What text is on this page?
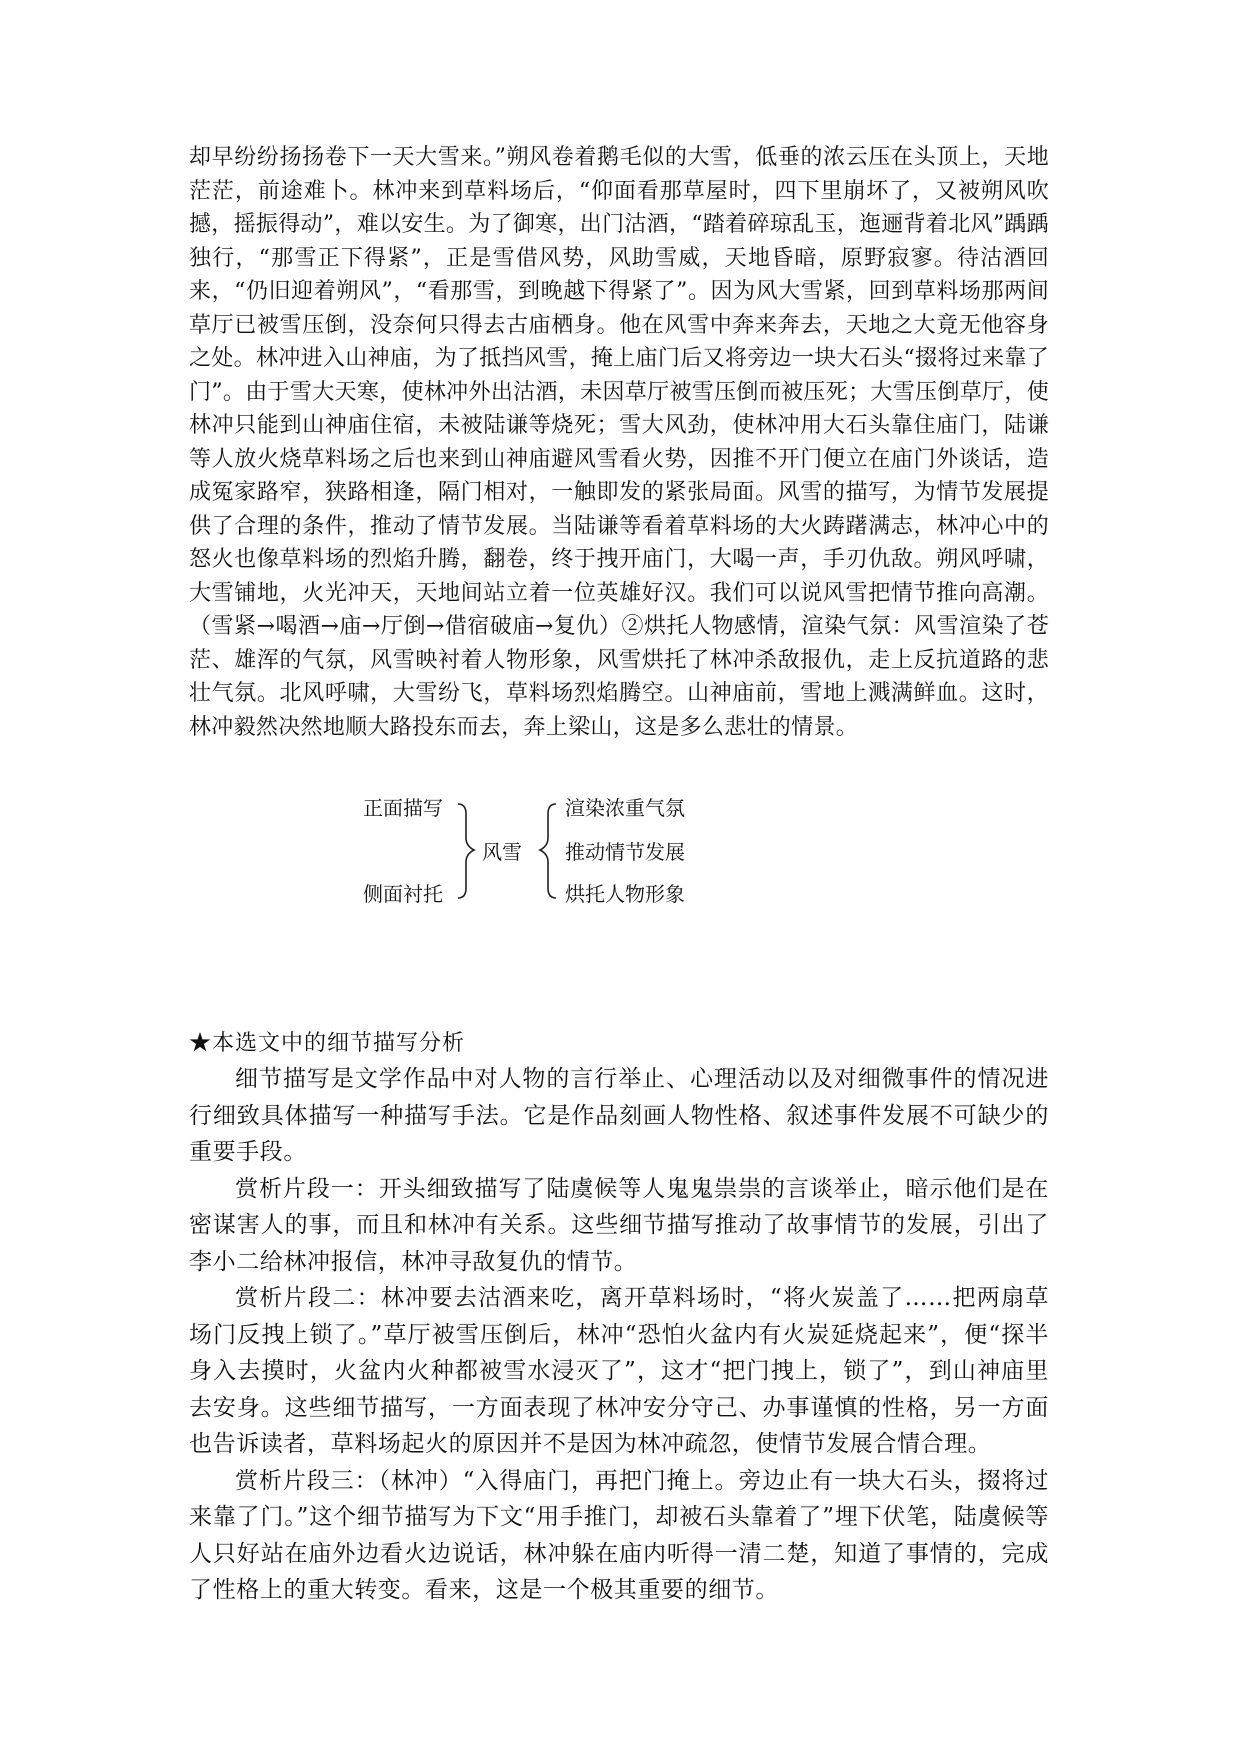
却早纷纷扬扬卷下一天大雪来。”朔风卷着鹅毛似的大雪，低垂的浓云压在头顶上，天地茫茫，前途难卜。林冲来到草料场后，“仰面看那草屋时，四下里崩坏了，又被朔风吹撼，摇振得动”，难以安生。为了御寒，出门沽酒，“踏着碎琼乱玉，迤逦背着北风”踽踽独行，“那雪正下得紧”，正是雪借风势，风助雪威，天地昏暗，原野寂寥。待沽酒回来，“仍旧迎着朔风”，“看那雪，到晚越下得紧了”。因为风大雪紧，回到草料场那两间草厅已被雪压倒，没奈何只得去古庙栖身。他在风雪中奔来奔去，天地之大竟无他容身之处。林冲进入山神庙，为了抵挡风雪，掩上庙门后又将旁边一块大石头“掇将过来靠了门”。由于雪大天寒，使林冲外出沽酒，未因草厅被雪压倒而被压死；大雪压倒草厅，使林冲只能到山神庙住宿，未被陆谦等烧死；雪大风劲，使林冲用大石头靠住庙门，陆谦等人放火烧草料场之后也来到山神庙避风雪看火势，因推不开门便立在庙门外谈话，造成冤家路窄，狭路相逢，隔门相对，一触即发的紧张局面。风雪的描写，为情节发展提供了合理的条件，推动了情节发展。当陆谦等看着草料场的大火踌躇满志，林冲心中的怒火也像草料场的烈焰升腾，翻卷，终于拽开庙门，大喝一声，手刃仇敌。朔风呼啸，大雪铺地，火光冲天，天地间站立着一位英雄好汉。我们可以说风雪把情节推向高潮。（雪紧→喝酒→庙→厅倒→借宿破庙→复仇）②烘托人物感情，渲染气氛：风雪渲染了苍茫、雄浑的气氛，风雪映衬着人物形象，风雪烘托了林冲杀敌报仇，走上反抗道路的悲壮气氛。北风呼啸，大雪纷飞，草料场烈焰腾空。山神庙前，雪地上溅满鲜血。这时，林冲毅然决然地顺大路投东而去，奔上梁山，这是多么悲壮的情景。
正面描写
侧面衬托
风雪
渲染浓重气氛
推动情节发展
烘托人物形象
★本选文中的细节描写分析

细节描写是文学作品中对人物的言行举止、心理活动以及对细微事件的情况进行细致具体描写一种描写手法。它是作品刻画人物性格、叙述事件发展不可缺少的重要手段。

赏析片段一：开头细致描写了陆虞候等人鬼鬼祟祟的言谈举止，暗示他们是在密谋害人的事，而且和林冲有关系。这些细节描写推动了故事情节的发展，引出了李小二给林冲报信，林冲寻敌复仇的情节。

赏析片段二：林冲要去沽酒来吃，离开草料场时，“将火炭盖了……把两扇草场门反拽上锁了。”草厅被雪压倒后，林冲“恐怕火盆内有火炭延烧起来”，便“探半身入去摸时，火盆内火种都被雪水浸灭了”，这才“把门拽上，锁了”，到山神庙里去安身。这些细节描写，一方面表现了林冲安分守己、办事谨慎的性格，另一方面也告诉读者，草料场起火的原因并不是因为林冲疏忽，使情节发展合情合理。

赏析片段三：（林冲）“入得庙门，再把门掩上。旁边止有一块大石头，掇将过来靠了门。”这个细节描写为下文“用手推门，却被石头靠着了”埋下伏笔，陆虞候等人只好站在庙外边看火边说话，林冲躲在庙内听得一清二楚，知道了事情的，完成了性格上的重大转变。看来，这是一个极其重要的细节。
